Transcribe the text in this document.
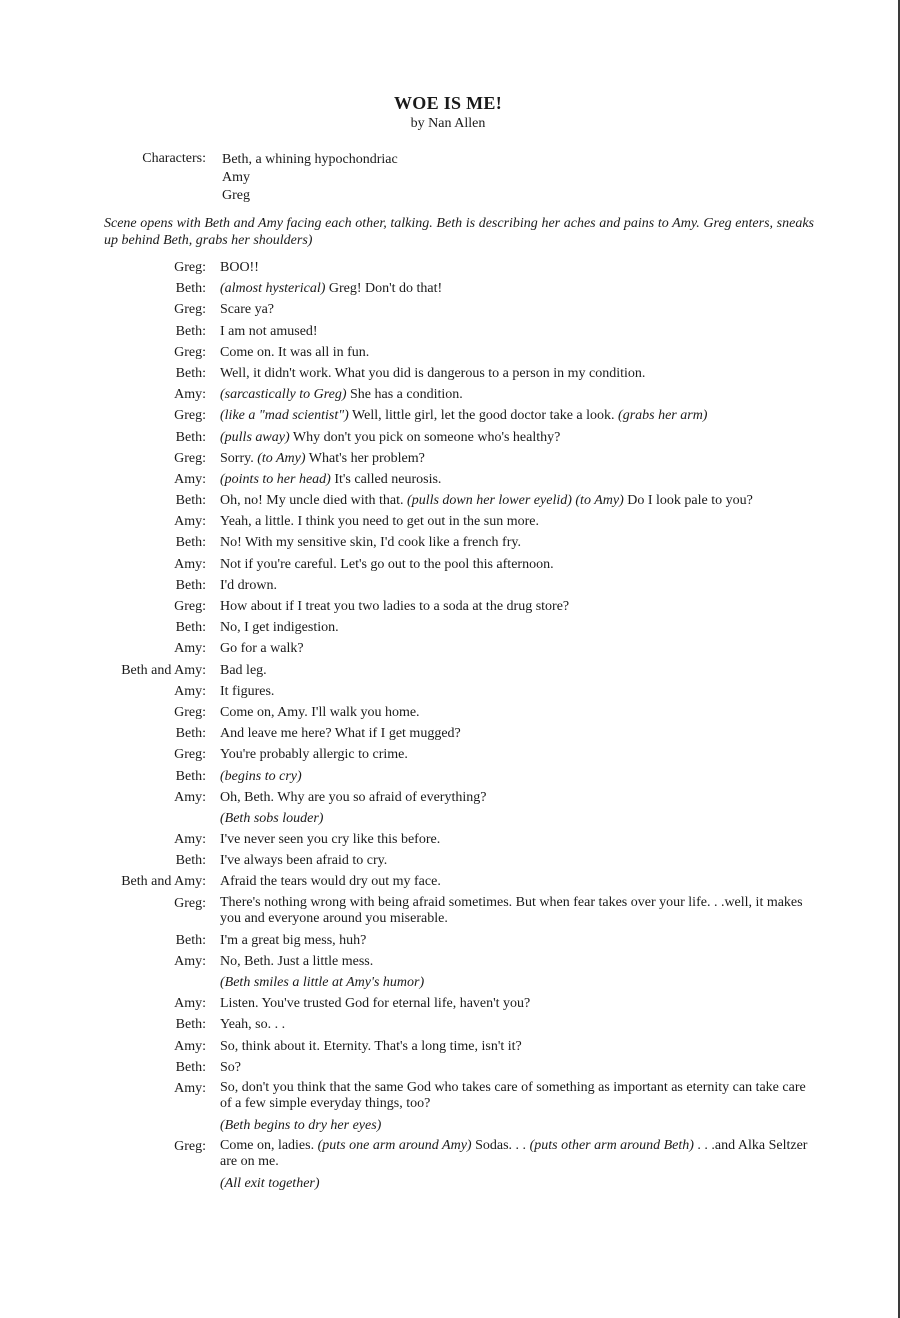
WOE IS ME!
by Nan Allen
Characters: Beth, a whining hypochondriac
Amy
Greg
Scene opens with Beth and Amy facing each other, talking. Beth is describing her aches and pains to Amy. Greg enters, sneaks up behind Beth, grabs her shoulders)
Greg: BOO!!
Beth: (almost hysterical) Greg! Don't do that!
Greg: Scare ya?
Beth: I am not amused!
Greg: Come on. It was all in fun.
Beth: Well, it didn't work. What you did is dangerous to a person in my condition.
Amy: (sarcastically to Greg) She has a condition.
Greg: (like a "mad scientist") Well, little girl, let the good doctor take a look. (grabs her arm)
Beth: (pulls away) Why don't you pick on someone who's healthy?
Greg: Sorry. (to Amy) What's her problem?
Amy: (points to her head) It's called neurosis.
Beth: Oh, no! My uncle died with that. (pulls down her lower eyelid) (to Amy) Do I look pale to you?
Amy: Yeah, a little. I think you need to get out in the sun more.
Beth: No! With my sensitive skin, I'd cook like a french fry.
Amy: Not if you're careful. Let's go out to the pool this afternoon.
Beth: I'd drown.
Greg: How about if I treat you two ladies to a soda at the drug store?
Beth: No, I get indigestion.
Amy: Go for a walk?
Beth and Amy: Bad leg.
Amy: It figures.
Greg: Come on, Amy. I'll walk you home.
Beth: And leave me here? What if I get mugged?
Greg: You're probably allergic to crime.
Beth: (begins to cry)
Amy: Oh, Beth. Why are you so afraid of everything?
(Beth sobs louder)
Amy: I've never seen you cry like this before.
Beth: I've always been afraid to cry.
Beth and Amy: Afraid the tears would dry out my face.
Greg: There's nothing wrong with being afraid sometimes. But when fear takes over your life. . .well, it makes you and everyone around you miserable.
Beth: I'm a great big mess, huh?
Amy: No, Beth. Just a little mess.
(Beth smiles a little at Amy's humor)
Amy: Listen. You've trusted God for eternal life, haven't you?
Beth: Yeah, so. . .
Amy: So, think about it. Eternity. That's a long time, isn't it?
Beth: So?
Amy: So, don't you think that the same God who takes care of something as important as eternity can take care of a few simple everyday things, too?
(Beth begins to dry her eyes)
Greg: Come on, ladies. (puts one arm around Amy) Sodas. . . (puts other arm around Beth) . . .and Alka Seltzer are on me.
(All exit together)
